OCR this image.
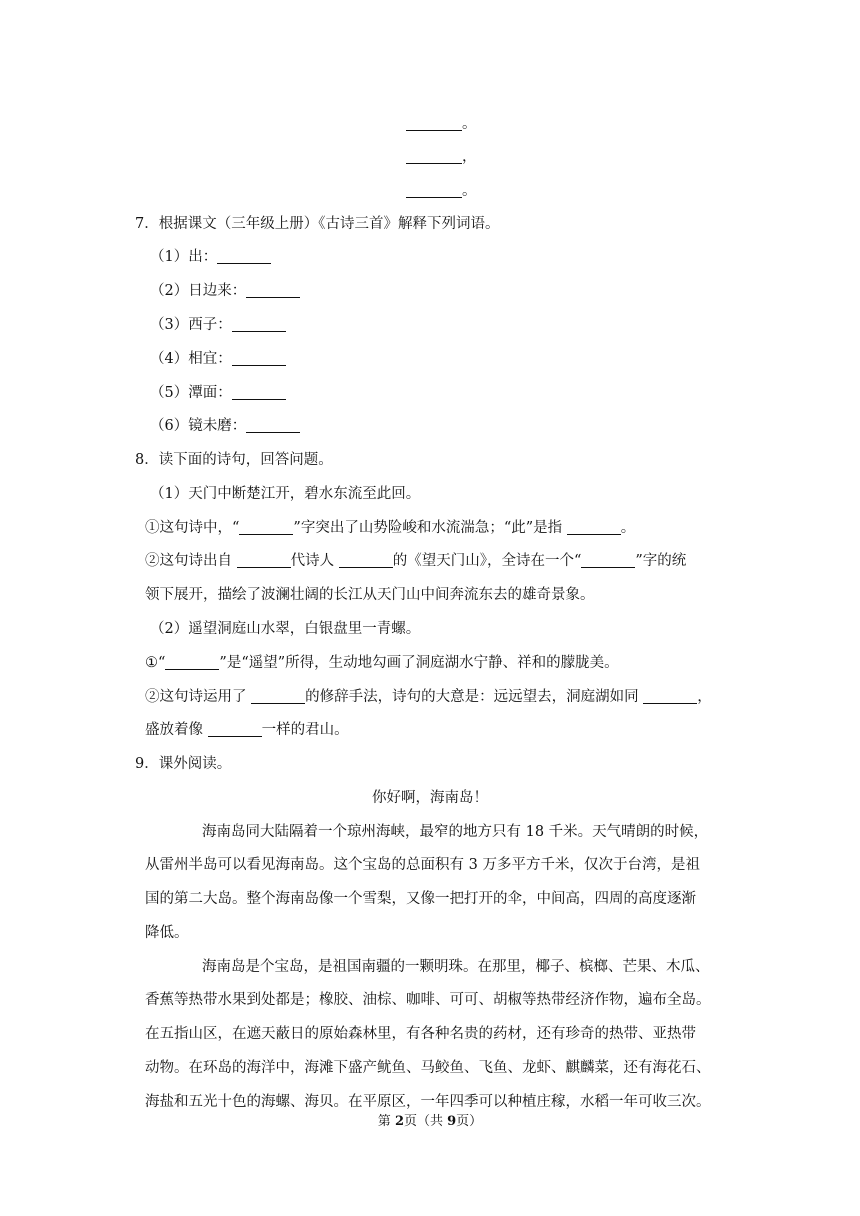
。
，
。
7．根据课文（三年级上册）《古诗三首》解释下列词语。
（1）出：
（2）日边来：
（3）西子：
（4）相宜：
（5）潭面：
（6）镜未磨：
8．读下面的诗句，回答问题。
（1）天门中断楚江开，碧水东流至此回。
①这句诗中，“	”字突出了山势险峻和水流湍急；“此”是指	。
②这句诗出自	代诗人	的《望天门山》，全诗在一个“	”字的统
领下展开，描绘了波澜壮阔的长江从天门山中间奔流东去的雄奇景象。
（2）遥望洞庭山水翠，白银盘里一青螺。
①“	”是“遥望”所得，生动地勾画了洞庭湖水宁静、祥和的朦胧美。
②这句诗运用了	的修辞手法，诗句的大意是：远远望去，洞庭湖如同	，
盛放着像	一样的君山。
9．课外阅读。
你好啊，海南岛！
海南岛同大陆隔着一个琼州海峡，最窄的地方只有 18 千米。天气晴朗的时候，
从雷州半岛可以看见海南岛。这个宝岛的总面积有 3 万多平方千米，仅次于台湾，是祖
国的第二大岛。整个海南岛像一个雪梨，又像一把打开的伞，中间高，四周的高度逐渐
降低。
海南岛是个宝岛，是祖国南疆的一颗明珠。在那里，椰子、槟榔、芒果、木瓜、
香蕉等热带水果到处都是；橡胶、油棕、咖啡、可可、胡椒等热带经济作物，遍布全岛。
在五指山区，在遮天蔽日的原始森林里，有各种名贵的药材，还有珍奇的热带、亚热带
动物。在环岛的海洋中，海滩下盛产鱿鱼、马鲛鱼、飞鱼、龙虾、麒麟菜，还有海花石、
海盐和五光十色的海螺、海贝。在平原区，一年四季可以种植庄稼，水稻一年可收三次。
第 2页（共 9页）
